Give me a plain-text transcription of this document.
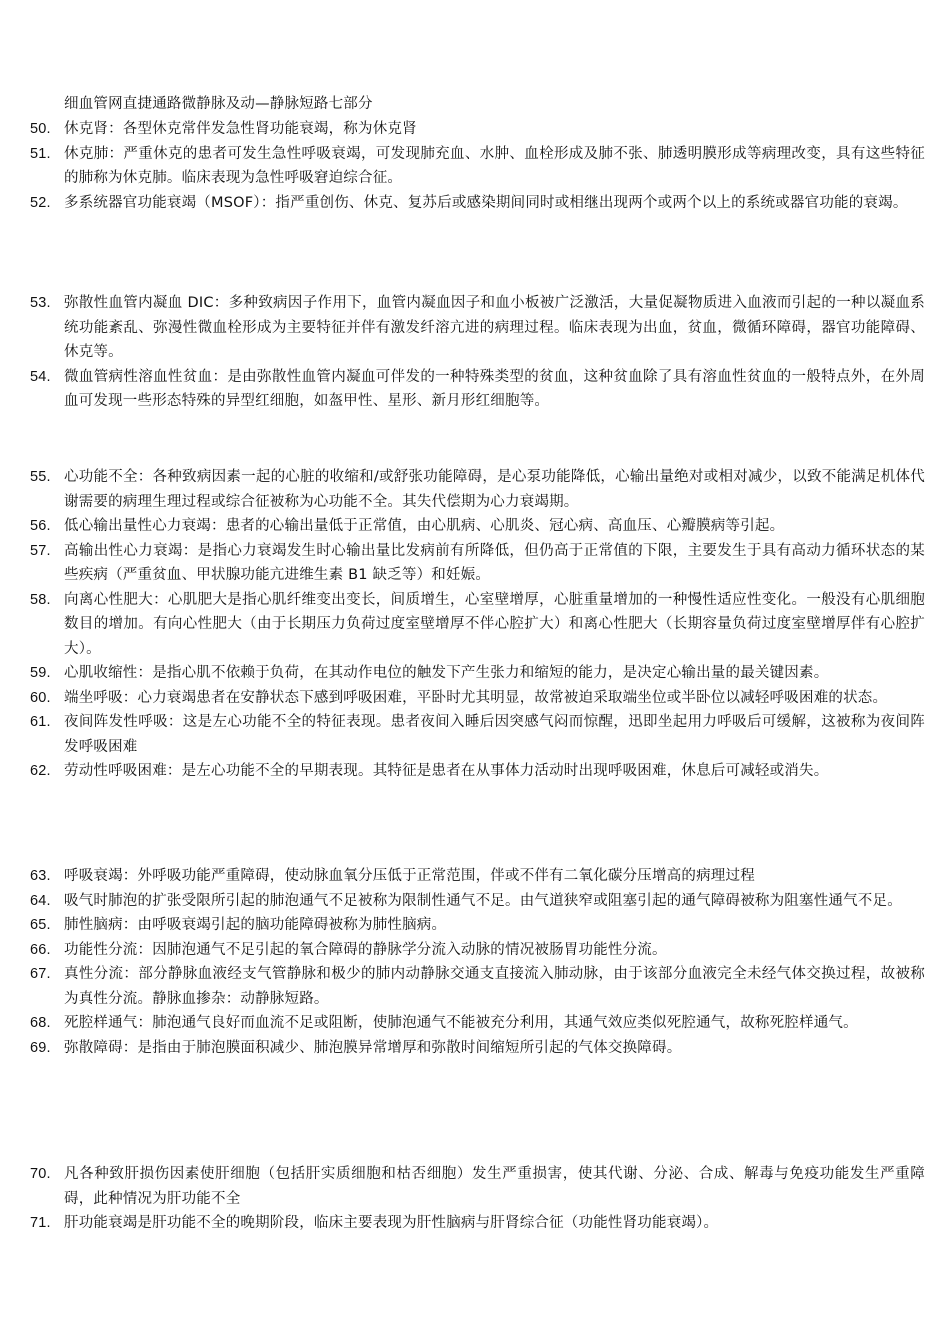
细血管网直捷通路微静脉及动—静脉短路七部分
50. 休克肾：各型休克常伴发急性肾功能衰竭，称为休克肾
51. 休克肺：严重休克的患者可发生急性呼吸衰竭，可发现肺充血、水肿、血栓形成及肺不张、肺透明膜形成等病理改变，具有这些特征的肺称为休克肺。临床表现为急性呼吸窘迫综合征。
52. 多系统器官功能衰竭（MSOF）：指严重创伤、休克、复苏后或感染期间同时或相继出现两个或两个以上的系统或器官功能的衰竭。
53. 弥散性血管内凝血 DIC：多种致病因子作用下，血管内凝血因子和血小板被广泛激活，大量促凝物质进入血液而引起的一种以凝血系统功能紊乱、弥漫性微血栓形成为主要特征并伴有激发纤溶亢进的病理过程。临床表现为出血，贫血，微循环障碍，器官功能障碍、休克等。
54. 微血管病性溶血性贫血：是由弥散性血管内凝血可伴发的一种特殊类型的贫血，这种贫血除了具有溶血性贫血的一般特点外，在外周血可发现一些形态特殊的异型红细胞，如盔甲性、星形、新月形红细胞等。
55. 心功能不全：各种致病因素一起的心脏的收缩和/或舒张功能障碍，是心泵功能降低，心输出量绝对或相对减少，以致不能满足机体代谢需要的病理生理过程或综合征被称为心功能不全。其失代偿期为心力衰竭期。
56. 低心输出量性心力衰竭：患者的心输出量低于正常值，由心肌病、心肌炎、冠心病、高血压、心瓣膜病等引起。
57. 高输出性心力衰竭：是指心力衰竭发生时心输出量比发病前有所降低，但仍高于正常值的下限，主要发生于具有高动力循环状态的某些疾病（严重贫血、甲状腺功能亢进维生素 B1 缺乏等）和妊娠。
58. 向离心性肥大：心肌肥大是指心肌纤维变出变长，间质增生，心室壁增厚，心脏重量增加的一种慢性适应性变化。一般没有心肌细胞数目的增加。有向心性肥大（由于长期压力负荷过度室壁增厚不伴心腔扩大）和离心性肥大（长期容量负荷过度室壁增厚伴有心腔扩大）。
59. 心肌收缩性：是指心肌不依赖于负荷，在其动作电位的触发下产生张力和缩短的能力，是决定心输出量的最关键因素。
60. 端坐呼吸：心力衰竭患者在安静状态下感到呼吸困难，平卧时尤其明显，故常被迫采取端坐位或半卧位以减轻呼吸困难的状态。
61. 夜间阵发性呼吸：这是左心功能不全的特征表现。患者夜间入睡后因突感气闷而惊醒，迅即坐起用力呼吸后可缓解，这被称为夜间阵发呼吸困难
62. 劳动性呼吸困难：是左心功能不全的早期表现。其特征是患者在从事体力活动时出现呼吸困难，休息后可减轻或消失。
63. 呼吸衰竭：外呼吸功能严重障碍，使动脉血氧分压低于正常范围，伴或不伴有二氧化碳分压增高的病理过程
64. 吸气时肺泡的扩张受限所引起的肺泡通气不足被称为限制性通气不足。由气道狭窄或阻塞引起的通气障碍被称为阻塞性通气不足。
65. 肺性脑病：由呼吸衰竭引起的脑功能障碍被称为肺性脑病。
66. 功能性分流：因肺泡通气不足引起的氧合障碍的静脉学分流入动脉的情况被肠胃功能性分流。
67. 真性分流：部分静脉血液经支气管静脉和极少的肺内动静脉交通支直接流入肺动脉，由于该部分血液完全未经气体交换过程，故被称为真性分流。静脉血掺杂：动静脉短路。
68. 死腔样通气：肺泡通气良好而血流不足或阻断，使肺泡通气不能被充分利用，其通气效应类似死腔通气，故称死腔样通气。
69. 弥散障碍：是指由于肺泡膜面积减少、肺泡膜异常增厚和弥散时间缩短所引起的气体交换障碍。
70. 凡各种致肝损伤因素使肝细胞（包括肝实质细胞和枯否细胞）发生严重损害，使其代谢、分泌、合成、解毒与免疫功能发生严重障碍，此种情况为肝功能不全
71. 肝功能衰竭是肝功能不全的晚期阶段，临床主要表现为肝性脑病与肝肾综合征（功能性肾功能衰竭）。
